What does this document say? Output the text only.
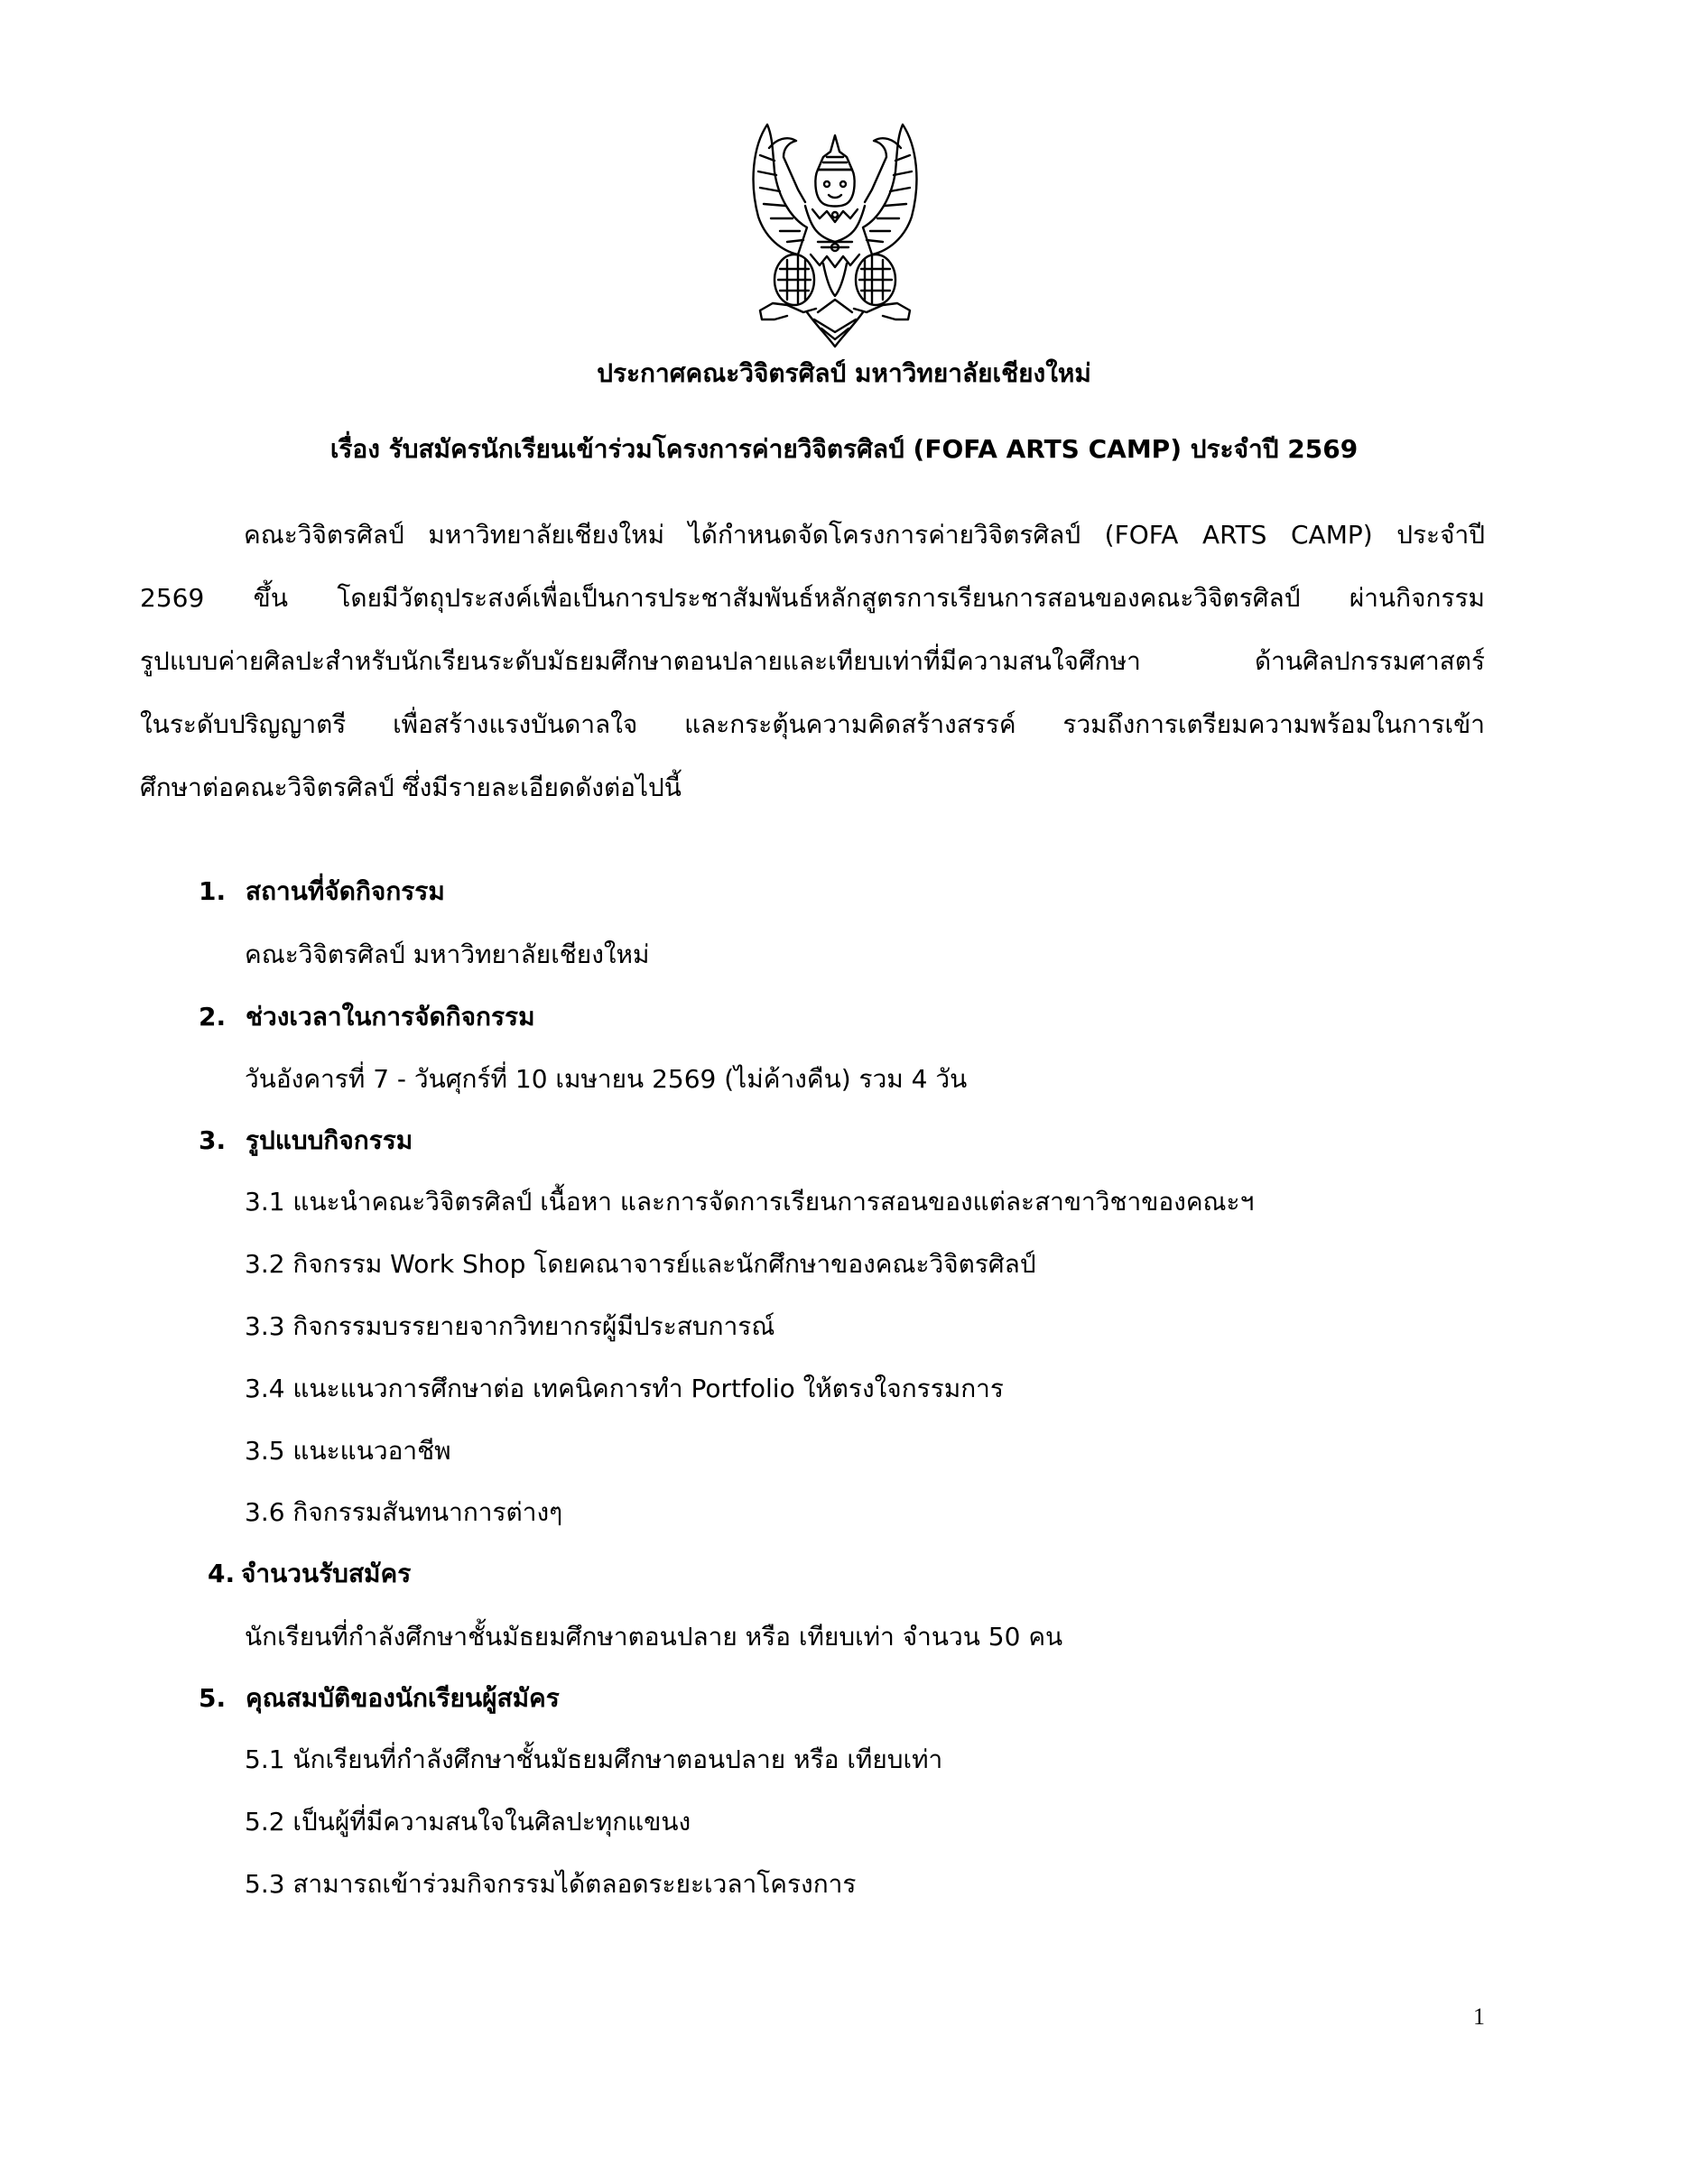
ประกาศคณะวิจิตรศิลป์ มหาวิทยาลัยเชียงใหม่
เรื่อง รับสมัครนักเรียนเข้าร่วมโครงการค่ายวิจิตรศิลป์ (FOFA ARTS CAMP) ประจำปี 2569
คณะวิจิตรศิลป์ มหาวิทยาลัยเชียงใหม่ ได้กำหนดจัดโครงการค่ายวิจิตรศิลป์ (FOFA ARTS CAMP) ประจำปี
2569 ขึ้น โดยมีวัตถุประสงค์เพื่อเป็นการประชาสัมพันธ์หลักสูตรการเรียนการสอนของคณะวิจิตรศิลป์ ผ่านกิจกรรม
รูปแบบค่ายศิลปะสำหรับนักเรียนระดับมัธยมศึกษาตอนปลายและเทียบเท่าที่มีความสนใจศึกษา ด้านศิลปกรรมศาสตร์
ในระดับปริญญาตรี เพื่อสร้างแรงบันดาลใจ และกระตุ้นความคิดสร้างสรรค์ รวมถึงการเตรียมความพร้อมในการเข้า
ศึกษาต่อคณะวิจิตรศิลป์ ซึ่งมีรายละเอียดดังต่อไปนี้
1. สถานที่จัดกิจกรรม
คณะวิจิตรศิลป์ มหาวิทยาลัยเชียงใหม่
2. ช่วงเวลาในการจัดกิจกรรม
วันอังคารที่ 7 - วันศุกร์ที่ 10 เมษายน 2569 (ไม่ค้างคืน) รวม 4 วัน
3. รูปแบบกิจกรรม
3.1 แนะนำคณะวิจิตรศิลป์ เนื้อหา และการจัดการเรียนการสอนของแต่ละสาขาวิชาของคณะฯ
3.2 กิจกรรม Work Shop โดยคณาจารย์และนักศึกษาของคณะวิจิตรศิลป์
3.3 กิจกรรมบรรยายจากวิทยากรผู้มีประสบการณ์
3.4 แนะแนวการศึกษาต่อ เทคนิคการทำ Portfolio ให้ตรงใจกรรมการ
3.5 แนะแนวอาชีพ
3.6 กิจกรรมสันทนาการต่างๆ
4. จำนวนรับสมัคร
นักเรียนที่กำลังศึกษาชั้นมัธยมศึกษาตอนปลาย หรือ เทียบเท่า จำนวน 50 คน
5. คุณสมบัติของนักเรียนผู้สมัคร
5.1 นักเรียนที่กำลังศึกษาชั้นมัธยมศึกษาตอนปลาย หรือ เทียบเท่า
5.2 เป็นผู้ที่มีความสนใจในศิลปะทุกแขนง
5.3 สามารถเข้าร่วมกิจกรรมได้ตลอดระยะเวลาโครงการ
1
